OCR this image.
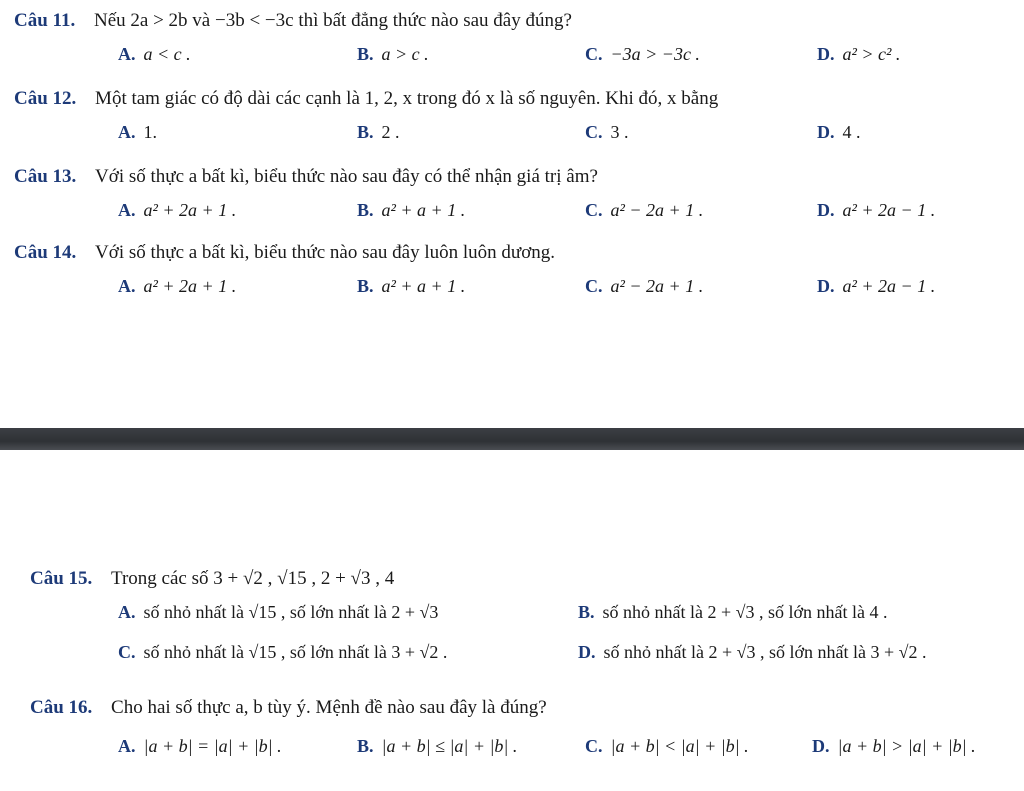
Câu 11. Nếu 2a > 2b và −3b < −3c thì bất đẳng thức nào sau đây đúng?
A. a < c .	B. a > c .	C. −3a > −3c .	D. a² > c² .
Câu 12. Một tam giác có độ dài các cạnh là 1, 2, x trong đó x là số nguyên. Khi đó, x bằng
A. 1.	B. 2 .	C. 3 .	D. 4 .
Câu 13. Với số thực a bất kì, biểu thức nào sau đây có thể nhận giá trị âm?
A. a² + 2a + 1 .	B. a² + a + 1 .	C. a² − 2a + 1 .	D. a² + 2a − 1 .
Câu 14. Với số thực a bất kì, biểu thức nào sau đây luôn luôn dương.
A. a² + 2a + 1 .	B. a² + a + 1 .	C. a² − 2a + 1 .	D. a² + 2a − 1 .
Câu 15. Trong các số 3 + √2 , √15 , 2 + √3 , 4
A. số nhỏ nhất là √15 , số lớn nhất là 2 + √3	B. số nhỏ nhất là 2 + √3 , số lớn nhất là 4 .
C. số nhỏ nhất là √15 , số lớn nhất là 3 + √2 .	D. số nhỏ nhất là 2 + √3 , số lớn nhất là 3 + √2 .
Câu 16. Cho hai số thực a, b tùy ý. Mệnh đề nào sau đây là đúng?
A. |a + b| = |a| + |b| .	B. |a + b| ≤ |a| + |b| .	C. |a + b| < |a| + |b| .	D. |a + b| > |a| + |b| .
